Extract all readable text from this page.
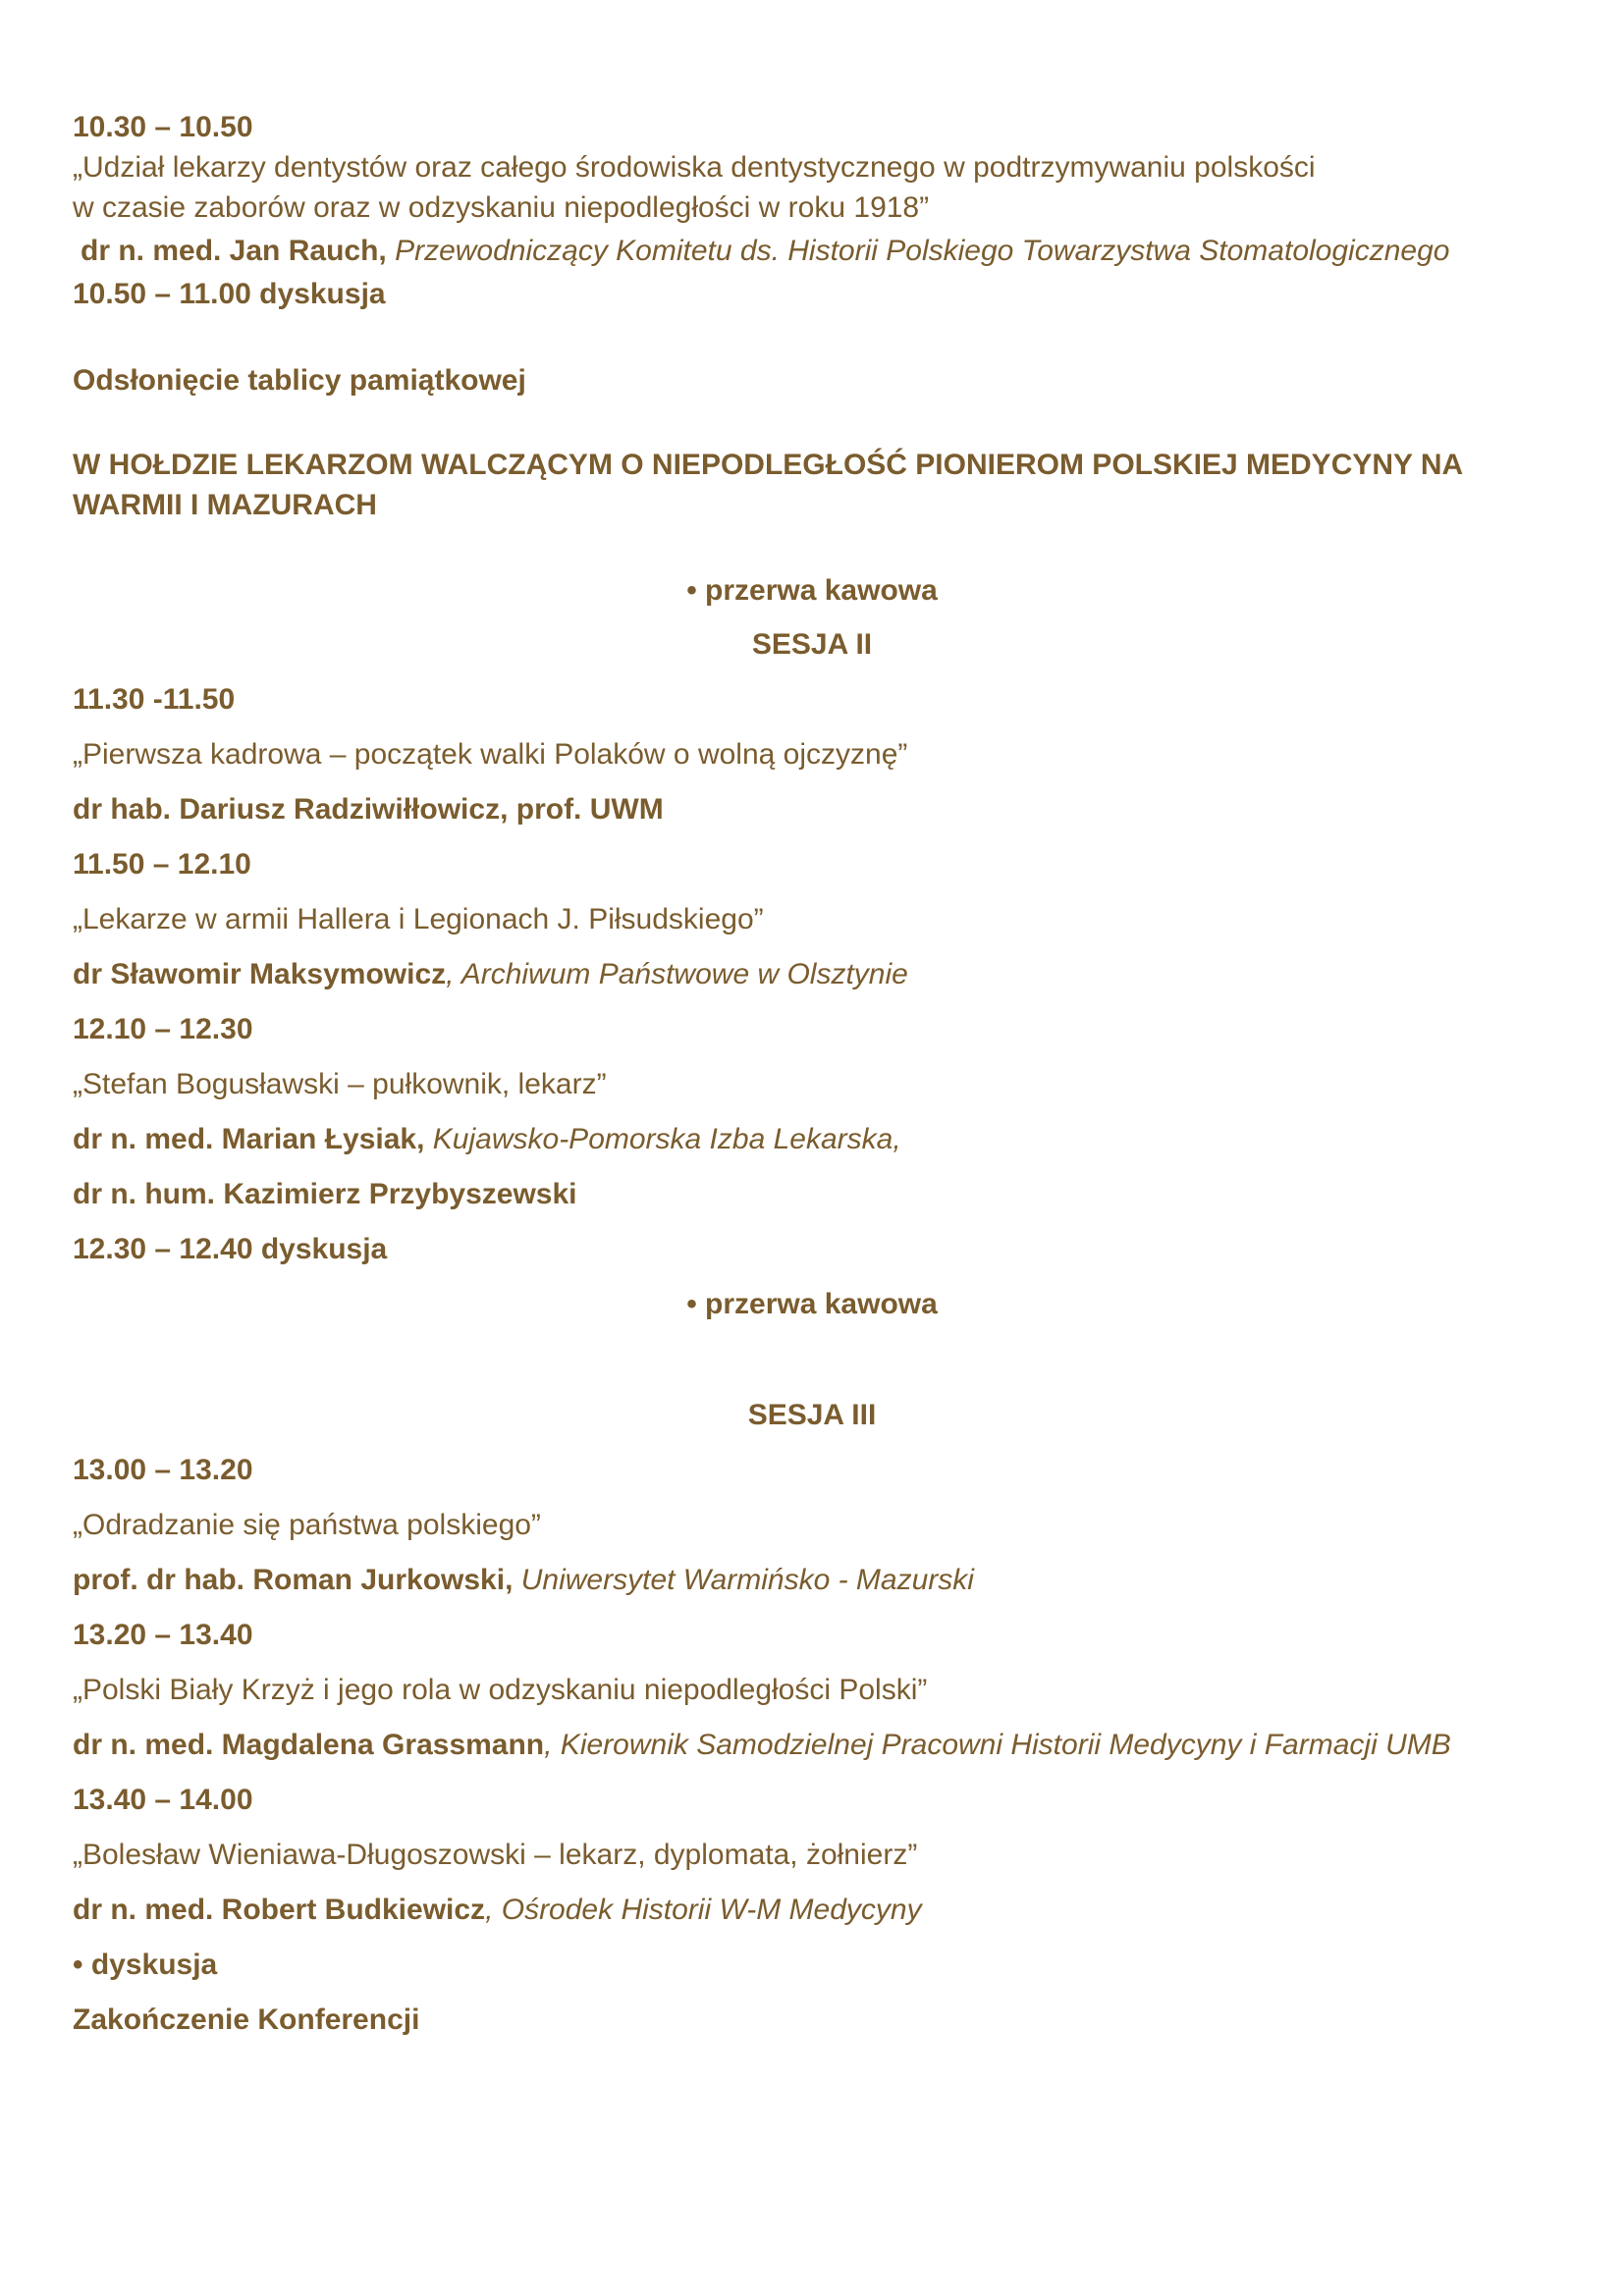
10.30 – 10.50
„Udział lekarzy dentystów oraz całego środowiska dentystycznego w podtrzymywaniu polskości
w czasie zaborów oraz w odzyskaniu niepodległości w roku 1918”
dr n. med. Jan Rauch, Przewodniczący Komitetu ds. Historii Polskiego Towarzystwa Stomatologicznego
10.50 – 11.00 dyskusja
Odsłonięcie tablicy pamiątkowej
W HOŁDZIE LEKARZOM WALCZĄCYM O NIEPODLEGŁOŚĆ PIONIEROM POLSKIEJ MEDYCYNY NA
WARMII I MAZURACH
• przerwa kawowa
SESJA II
11.30 -11.50
„Pierwsza kadrowa – początek walki Polaków o wolną ojczyznę”
dr hab. Dariusz Radziwiłłowicz, prof. UWM
11.50 – 12.10
„Lekarze w armii Hallera i Legionach J. Piłsudskiego”
dr Sławomir Maksymowicz, Archiwum Państwowe w Olsztynie
12.10 – 12.30
„Stefan Bogusławski – pułkownik, lekarz”
dr n. med. Marian Łysiak, Kujawsko-Pomorska Izba Lekarska,
dr n. hum. Kazimierz Przybyszewski
12.30 – 12.40 dyskusja
• przerwa kawowa
SESJA III
13.00 – 13.20
„Odradzanie się państwa polskiego”
prof. dr hab. Roman Jurkowski, Uniwersytet Warmińsko - Mazurski
13.20 – 13.40
„Polski Biały Krzyż i jego rola w odzyskaniu niepodległości Polski”
dr n. med. Magdalena Grassmann, Kierownik Samodzielnej Pracowni Historii Medycyny i Farmacji UMB
13.40 – 14.00
„Bolesław Wieniawa-Długoszowski – lekarz, dyplomata, żołnierz”
dr n. med. Robert Budkiewicz, Ośrodek Historii W-M Medycyny
• dyskusja
Zakończenie Konferencji
